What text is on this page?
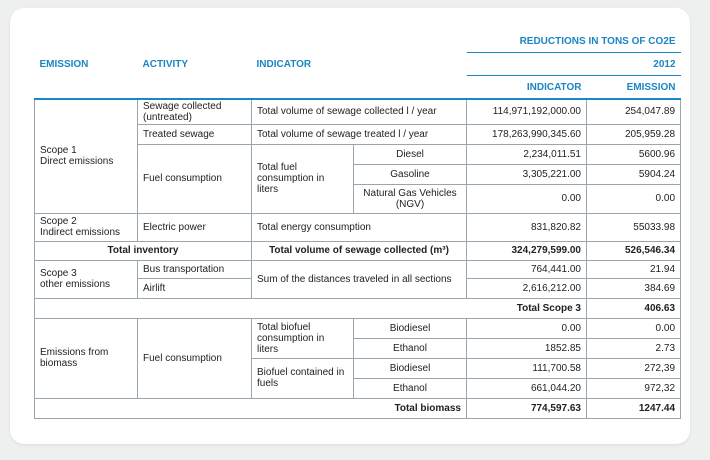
				REDUCTIONS IN TONS OF CO2E	
EMISSION	ACTIVITY	INDICATOR		2012	
				INDICATOR	EMISSION
Scope 1
Direct emissions	Sewage collected (untreated)	Total volume of sewage collected l / year		114,971,192,000.00	254,047.89
	Treated sewage	Total volume of sewage treated l / year		178,263,990,345.60	205,959.28
	Fuel consumption	Total fuel consumption in liters	Diesel	2,234,011.51	5600.96
			Gasoline	3,305,221.00	5904.24
			Natural Gas Vehicles (NGV)	0.00	0.00
Scope 2
Indirect emissions	Electric power	Total energy consumption		831,820.82	55033.98
Total inventory		Total volume of sewage collected (m³)		324,279,599.00	526,546.34
Scope 3
other emissions	Bus transportation	Sum of the distances traveled in all sections		764,441.00	21.94
	Airlift			2,616,212.00	384.69
Total Scope 3					406.63
Emissions from
biomass	Fuel consumption	Total biofuel consumption in liters	Biodiesel	0.00	0.00
			Ethanol	1852.85	2.73
		Biofuel contained in fuels	Biodiesel	111,700.58	272,39
			Ethanol	661,044.20	972,32
Total biomass				774,597.63	1247.44
